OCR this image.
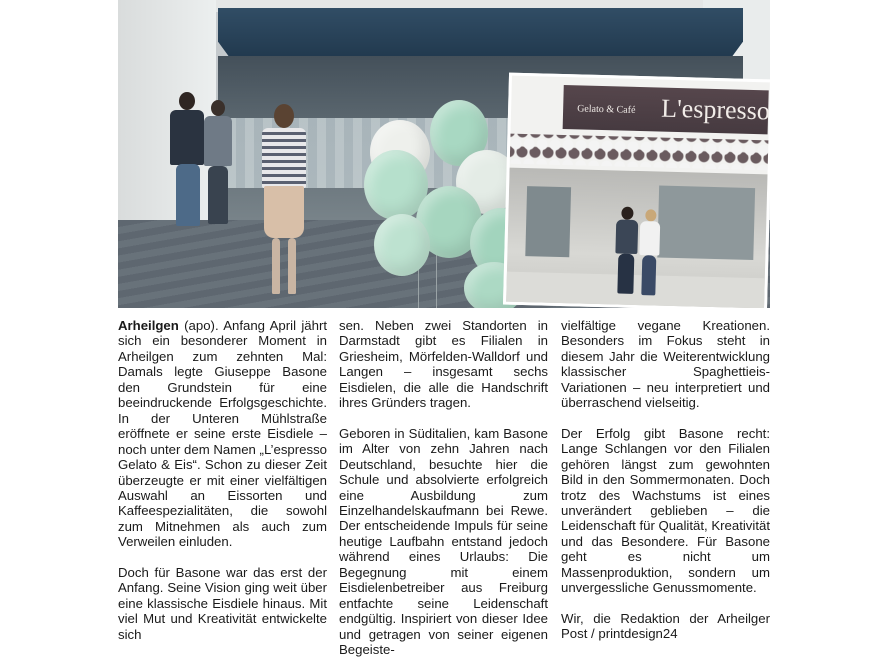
Gelato & Café L'espresso

Arheilgen (apo). Anfang April jährt sich ein besonderer Moment in Arheilgen zum zehnten Mal: Damals legte Giuseppe Basone den Grundstein für eine beeindruckende Erfolgsgeschichte. In der Unteren Mühlstraße eröffnete er seine erste Eisdiele – noch unter dem Namen „L’espresso Gelato & Eis“. Schon zu dieser Zeit überzeugte er mit einer vielfältigen Auswahl an Eissorten und Kaffeespezialitäten, die sowohl zum Mitnehmen als auch zum Verweilen einluden.

Doch für Basone war das erst der Anfang. Seine Vision ging weit über eine klassische Eisdiele hinaus. Mit viel Mut und Kreativität entwickelte sich

sen. Neben zwei Standorten in Darmstadt gibt es Filialen in Griesheim, Mörfelden-Walldorf und Langen – insgesamt sechs Eisdielen, die alle die Handschrift ihres Gründers tragen.

Geboren in Süditalien, kam Basone im Alter von zehn Jahren nach Deutschland, besuchte hier die Schule und absolvierte erfolgreich eine Ausbildung zum Einzelhandelskaufmann bei Rewe. Der entscheidende Impuls für seine heutige Laufbahn entstand jedoch während eines Urlaubs: Die Begegnung mit einem Eisdielenbetreiber aus Freiburg entfachte seine Leidenschaft endgültig. Inspiriert von dieser Idee und getragen von seiner eigenen Begeiste-

vielfältige vegane Kreationen. Besonders im Fokus steht in diesem Jahr die Weiterentwicklung klassischer Spaghettieis-Variationen – neu interpretiert und überraschend vielseitig.

Der Erfolg gibt Basone recht: Lange Schlangen vor den Filialen gehören längst zum gewohnten Bild in den Sommermonaten. Doch trotz des Wachstums ist eines unverändert geblieben – die Leidenschaft für Qualität, Kreativität und das Besondere. Für Basone geht es nicht um Massenproduktion, sondern um unvergessliche Genussmomente.

Wir, die Redaktion der Arheilger Post / printdesign24
